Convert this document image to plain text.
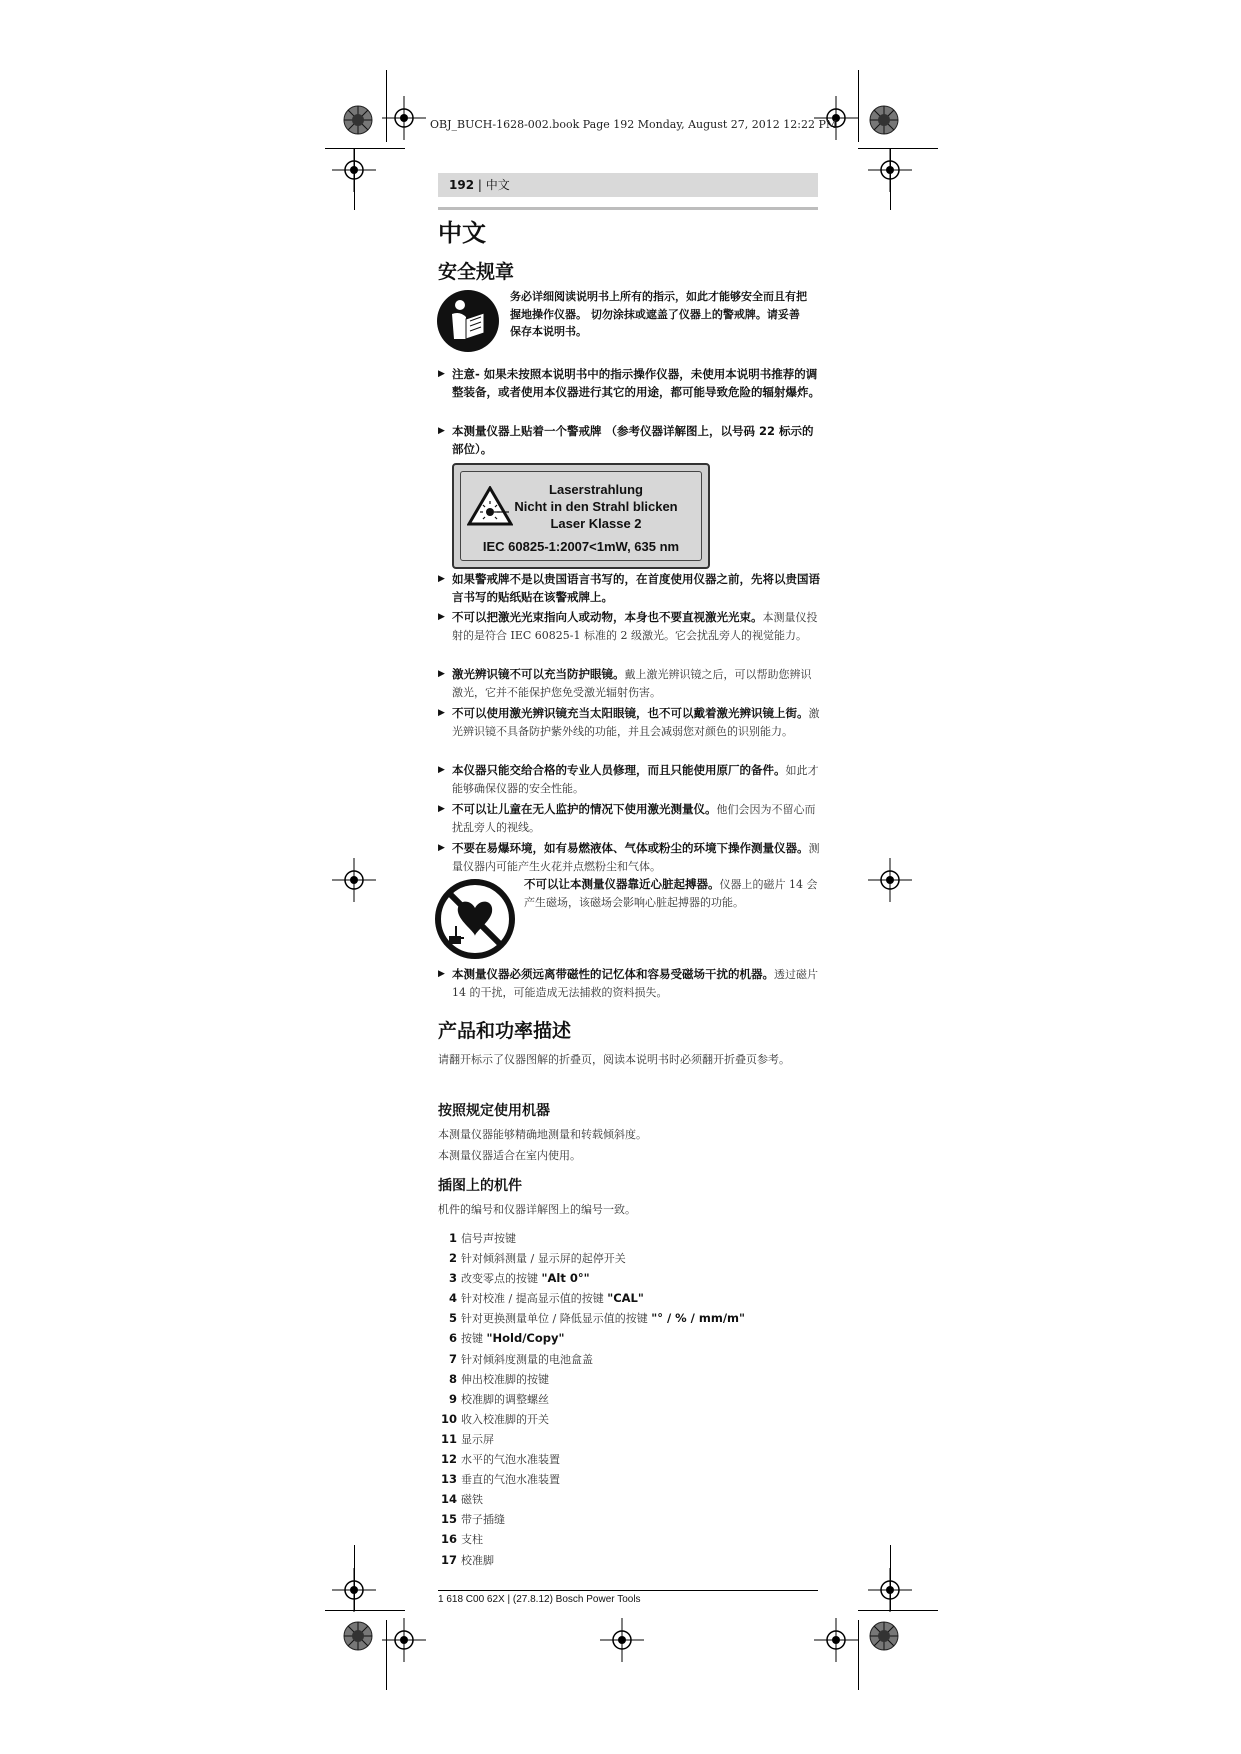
OBJ_BUCH-1628-002.book Page 192 Monday, August 27, 2012 12:22 PM
192 | 中文
中文
安全规章
务必详细阅读说明书上所有的指示，如此才能够安全而且有把握地操作仪器。 切勿涂抹或遮盖了仪器上的警戒牌。请妥善保存本说明书。
▶ 注意- 如果未按照本说明书中的指示操作仪器，未使用本说明书推荐的调整装备，或者使用本仪器进行其它的用途，都可能导致危险的辐射爆炸。
▶ 本测量仪器上贴着一个警戒牌 （参考仪器详解图上，以号码 22 标示的部位）。
Laserstrahlung
Nicht in den Strahl blicken
Laser Klasse 2
IEC 60825-1:2007<1mW, 635 nm
▶ 如果警戒牌不是以贵国语言书写的，在首度使用仪器之前，先将以贵国语言书写的贴纸贴在该警戒牌上。
▶ 不可以把激光光束指向人或动物，本身也不要直视激光光束。本测量仪投射的是符合 IEC 60825-1 标准的 2 级激光。它会扰乱旁人的视觉能力。
▶ 激光辨识镜不可以充当防护眼镜。戴上激光辨识镜之后，可以帮助您辨识激光，它并不能保护您免受激光辐射伤害。
▶ 不可以使用激光辨识镜充当太阳眼镜，也不可以戴着激光辨识镜上街。激光辨识镜不具备防护紫外线的功能，并且会减弱您对颜色的识别能力。
▶ 本仪器只能交给合格的专业人员修理，而且只能使用原厂的备件。如此才能够确保仪器的安全性能。
▶ 不可以让儿童在无人监护的情况下使用激光测量仪。他们会因为不留心而扰乱旁人的视线。
▶ 不要在易爆环境，如有易燃液体、气体或粉尘的环境下操作测量仪器。测量仪器内可能产生火花并点燃粉尘和气体。
不可以让本测量仪器靠近心脏起搏器。仪器上的磁片 14 会产生磁场，该磁场会影响心脏起搏器的功能。
▶ 本测量仪器必须远离带磁性的记忆体和容易受磁场干扰的机器。透过磁片 14 的干扰，可能造成无法捕救的资料损失。
产品和功率描述
请翻开标示了仪器图解的折叠页，阅读本说明书时必须翻开折叠页参考。
按照规定使用机器
本测量仪器能够精确地测量和转载倾斜度。
本测量仪器适合在室内使用。
插图上的机件
机件的编号和仪器详解图上的编号一致。
1 信号声按键
2 针对倾斜测量 / 显示屏的起停开关
3 改变零点的按键 "Alt 0°"
4 针对校准 / 提高显示值的按键 "CAL"
5 针对更换测量单位 / 降低显示值的按键 "° / % / mm/m"
6 按键 "Hold/Copy"
7 针对倾斜度测量的电池盒盖
8 伸出校准脚的按键
9 校准脚的调整螺丝
10 收入校准脚的开关
11 显示屏
12 水平的气泡水准装置
13 垂直的气泡水准装置
14 磁铁
15 带子插缝
16 支柱
17 校准脚
1 618 C00 62X | (27.8.12) Bosch Power Tools
